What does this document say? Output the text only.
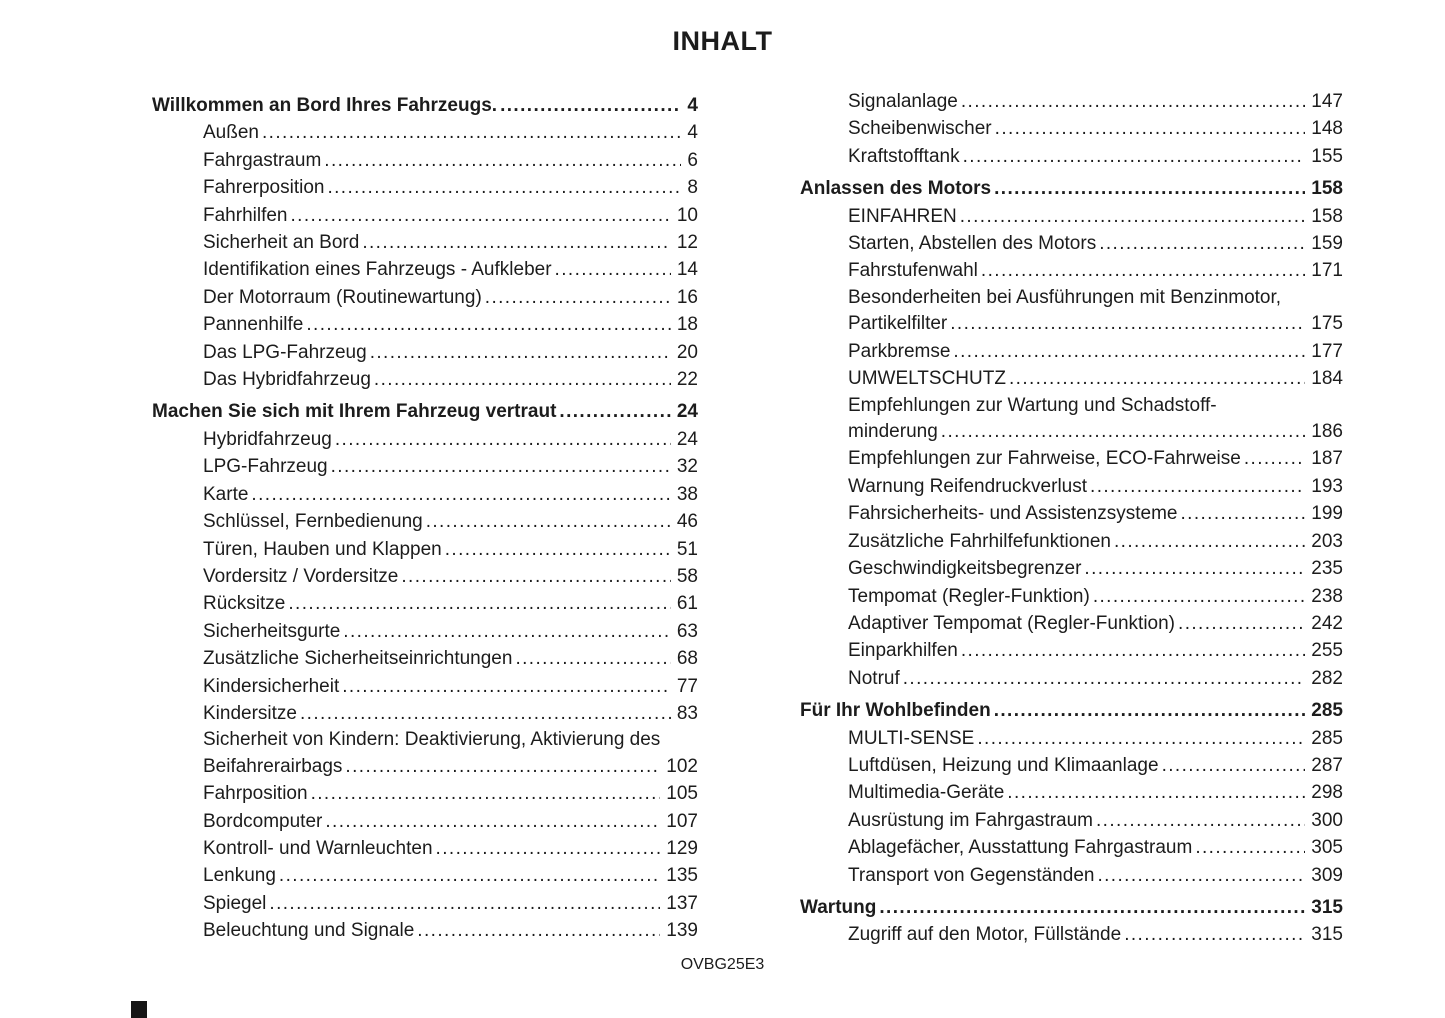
INHALT
Willkommen an Bord Ihres Fahrzeugs. .....	4
Außen .....	4
Fahrgastraum .....	6
Fahrerposition .....	8
Fahrhilfen .....	10
Sicherheit an Bord .....	12
Identifikation eines Fahrzeugs - Aufkleber .....	14
Der Motorraum (Routinewartung) .....	16
Pannenhilfe .....	18
Das LPG-Fahrzeug .....	20
Das Hybridfahrzeug .....	22
Machen Sie sich mit Ihrem Fahrzeug vertraut .....	24
Hybridfahrzeug .....	24
LPG-Fahrzeug .....	32
Karte .....	38
Schlüssel, Fernbedienung .....	46
Türen, Hauben und Klappen .....	51
Vordersitz / Vordersitze .....	58
Rücksitze .....	61
Sicherheitsgurte .....	63
Zusätzliche Sicherheitseinrichtungen .....	68
Kindersicherheit .....	77
Kindersitze .....	83
Sicherheit von Kindern: Deaktivierung, Aktivierung des
Beifahrerairbags .....	102
Fahrposition .....	105
Bordcomputer .....	107
Kontroll- und Warnleuchten .....	129
Lenkung .....	135
Spiegel .....	137
Beleuchtung und Signale .....	139
Signalanlage .....	147
Scheibenwischer .....	148
Kraftstofftank .....	155
Anlassen des Motors .....	158
EINFAHREN .....	158
Starten, Abstellen des Motors .....	159
Fahrstufenwahl .....	171
Besonderheiten bei Ausführungen mit Benzinmotor,
Partikelfilter .....	175
Parkbremse .....	177
UMWELTSCHUTZ .....	184
Empfehlungen zur Wartung und Schadstoff-
minderung .....	186
Empfehlungen zur Fahrweise, ECO-Fahrweise .....	187
Warnung Reifendruckverlust .....	193
Fahrsicherheits- und Assistenzsysteme .....	199
Zusätzliche Fahrhilfefunktionen .....	203
Geschwindigkeitsbegrenzer .....	235
Tempomat (Regler-Funktion) .....	238
Adaptiver Tempomat (Regler-Funktion) .....	242
Einparkhilfen .....	255
Notruf .....	282
Für Ihr Wohlbefinden .....	285
MULTI-SENSE .....	285
Luftdüsen, Heizung und Klimaanlage .....	287
Multimedia-Geräte .....	298
Ausrüstung im Fahrgastraum .....	300
Ablagefächer, Ausstattung Fahrgastraum .....	305
Transport von Gegenständen .....	309
Wartung .....	315
Zugriff auf den Motor, Füllstände .....	315
OVBG25E3
